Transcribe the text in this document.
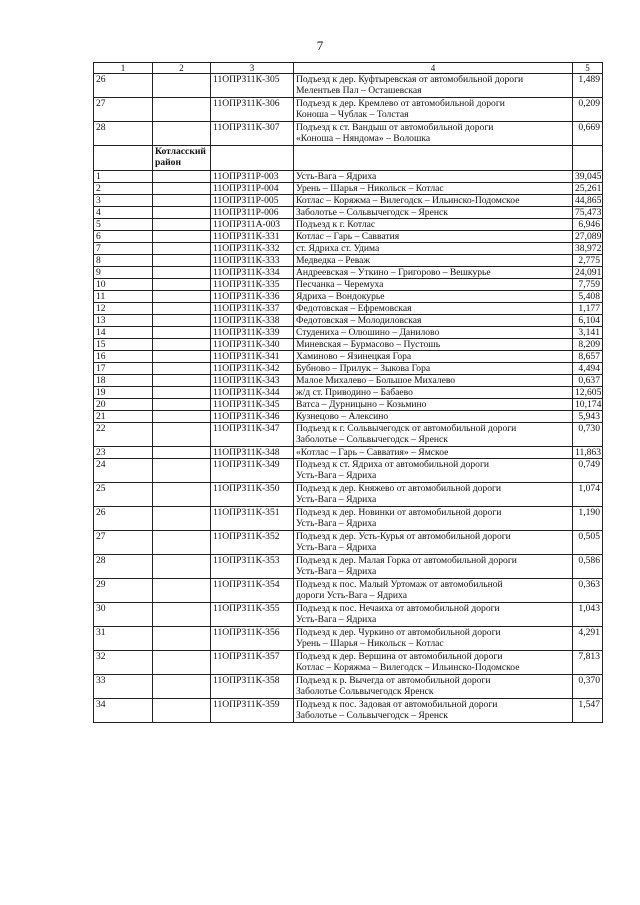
7
1	2	3	4	5
26		11ОПРЗ11К-305	Подъезд к дер. Куфтыревская от автомобильной дороги
Мелентьев Пал – Осташевская	1,489
27		11ОПРЗ11К-306	Подъезд к дер. Кремлево от автомобильной дороги
Коноша – Чублак – Толстая	0,209
28		11ОПРЗ11К-307	Подъезд к ст. Вандыш от автомобильной дороги
«Коноша – Няндома» – Волошка	0,669
	Котласский район			
1		11ОПРЗ11Р-003	Усть-Вага – Ядриха	39,045
2		11ОПРЗ11Р-004	Урень – Шарья – Никольск – Котлас	25,261
3		11ОПРЗ11Р-005	Котлас – Коряжма – Вилегодск – Ильинско-Подомское	44,865
4		11ОПРЗ11Р-006	Заболотье – Сольвычегодск – Яренск	75,473
5		11ОПРЗ11А-003	Подъезд к г. Котлас	6,946
6		11ОПРЗ11К-331	Котлас – Гарь – Савватия	27,089
7		11ОПРЗ11К-332	ст. Ядриха ст. Удима	38,972
8		11ОПРЗ11К-333	Медведка – Реваж	2,775
9		11ОПРЗ11К-334	Андреевская – Уткино – Григорово – Вешкурье	24,091
10		11ОПРЗ11К-335	Песчанка – Черемуха	7,759
11		11ОПРЗ11К-336	Ядриха – Вондокурье	5,408
12		11ОПРЗ11К-337	Федотовская – Ефремовская	1,177
13		11ОПРЗ11К-338	Федотовская – Молодиловская	6,104
14		11ОПРЗ11К-339	Студениха – Олюшино – Данилово	3,141
15		11ОПРЗ11К-340	Миневская – Бурмасово – Пустошь	8,209
16		11ОПРЗ11К-341	Хаминово – Язинецкая Гора	8,657
17		11ОПРЗ11К-342	Бубново – Прилук – Зыкова Гора	4,494
18		11ОПРЗ11К-343	Малое Михалево – Большое Михалево	0,637
19		11ОПРЗ11К-344	ж/д ст. Приводино – Бабаево	12,605
20		11ОПРЗ11К-345	Ватса – Дурницыно – Козьмино	10,174
21		11ОПРЗ11К-346	Кузнецово – Алексино	5,943
22		11ОПРЗ11К-347	Подъезд к г. Сольвычегодск от автомобильной дороги
Заболотье – Сольвычегодск – Яренск	0,730
23		11ОПРЗ11К-348	«Котлас – Гарь – Савватия» – Ямское	11,863
24		11ОПРЗ11К-349	Подъезд к ст. Ядриха от автомобильной дороги
Усть-Вага – Ядриха	0,749
25		11ОПРЗ11К-350	Подъезд к дер. Княжево от автомобильной дороги
Усть-Вага – Ядриха	1,074
26		11ОПРЗ11К-351	Подъезд к дер. Новинки от автомобильной дороги
Усть-Вага – Ядриха	1,190
27		11ОПРЗ11К-352	Подъезд к дер. Усть-Курья от автомобильной дороги
Усть-Вага – Ядриха	0,505
28		11ОПРЗ11К-353	Подъезд к дер. Малая Горка от автомобильной дороги
Усть-Вага – Ядриха	0,586
29		11ОПРЗ11К-354	Подъезд к пос. Малый Уртомаж от автомобильной
дороги Усть-Вага – Ядриха	0,363
30		11ОПРЗ11К-355	Подъезд к пос. Нечаиха от автомобильной дороги
Усть-Вага – Ядриха	1,043
31		11ОПРЗ11К-356	Подъезд к дер. Чуркино от автомобильной дороги
Урень – Шарья – Никольск – Котлас	4,291
32		11ОПРЗ11К-357	Подъезд к дер. Вершина от автомобильной дороги
Котлас – Коряжма – Вилегодск – Ильинско-Подомское	7,813
33		11ОПРЗ11К-358	Подъезд к р. Вычегда от автомобильной дороги
Заболотье Сольвычегодск Яренск	0,370
34		11ОПРЗ11К-359	Подъезд к пос. Задовая от автомобильной дороги
Заболотье – Сольвычегодск – Яренск	1,547
